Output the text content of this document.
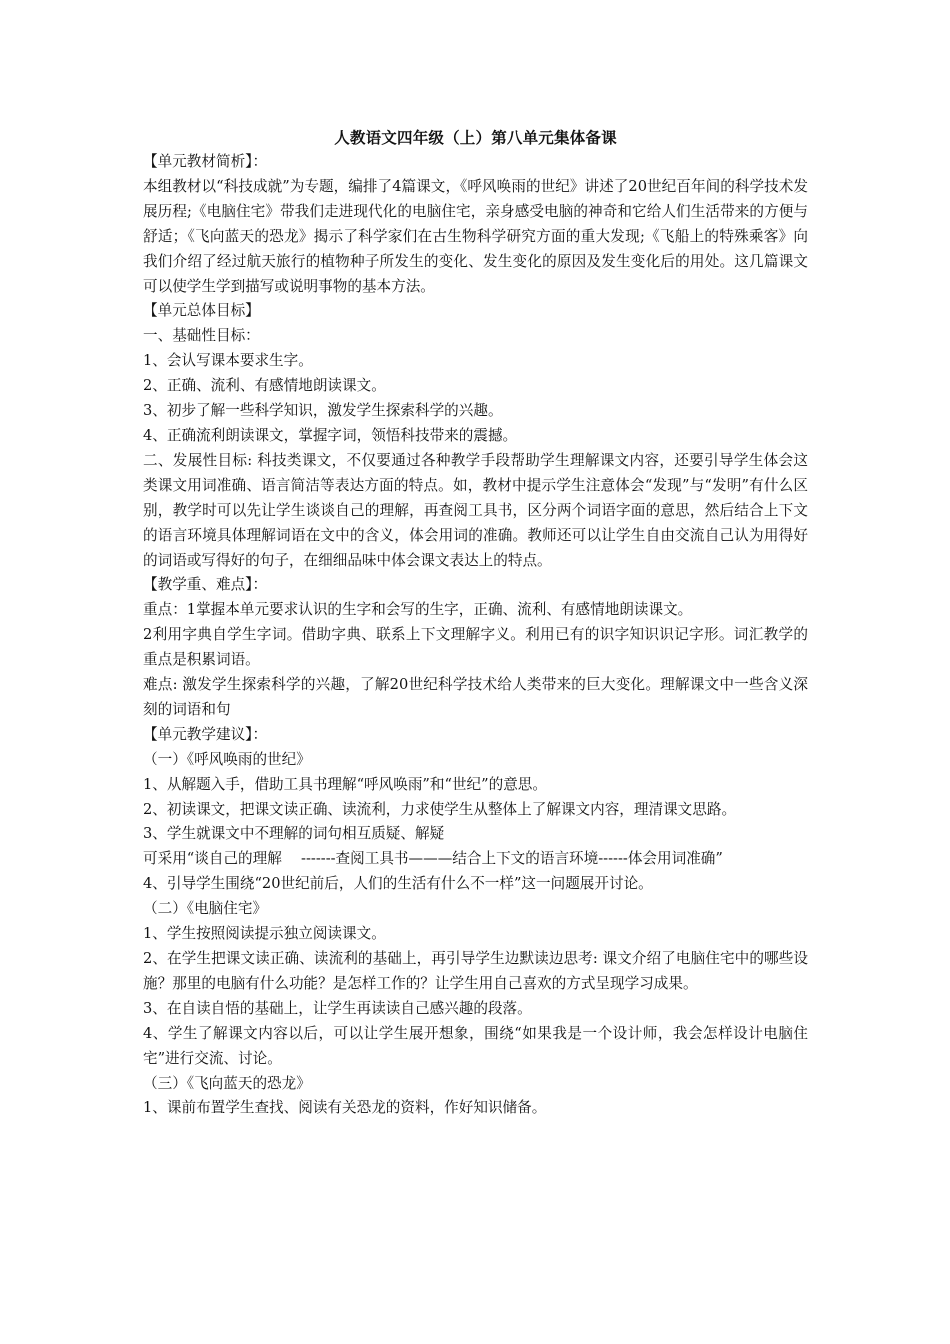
人教语文四年级（上）第八单元集体备课
【单元教材简析】：
本组教材以“科技成就”为专题，编排了4篇课文，《呼风唤雨的世纪》讲述了20世纪百年间的科学技术发展历程;《电脑住宅》带我们走进现代化的电脑住宅，亲身感受电脑的神奇和它给人们生活带来的方便与舒适；《飞向蓝天的恐龙》揭示了科学家们在古生物科学研究方面的重大发现;《飞船上的特殊乘客》向我们介绍了经过航天旅行的植物种子所发生的变化、发生变化的原因及发生变化后的用处。这几篇课文可以使学生学到描写或说明事物的基本方法。
【单元总体目标】
一、基础性目标：
1、会认写课本要求生字。
2、正确、流利、有感情地朗读课文。
3、初步了解一些科学知识，激发学生探索科学的兴趣。
4、正确流利朗读课文，掌握字词，领悟科技带来的震撼。
二、发展性目标: 科技类课文，不仅要通过各种教学手段帮助学生理解课文内容，还要引导学生体会这类课文用词准确、语言简洁等表达方面的特点。如，教材中提示学生注意体会“发现”与“发明”有什么区别，教学时可以先让学生谈谈自己的理解，再查阅工具书，区分两个词语字面的意思，然后结合上下文的语言环境具体理解词语在文中的含义，体会用词的准确。教师还可以让学生自由交流自己认为用得好的词语或写得好的句子，在细细品味中体会课文表达上的特点。
【教学重、难点】：
重点：1掌握本单元要求认识的生字和会写的生字，正确、流利、有感情地朗读课文。
2利用字典自学生字词。借助字典、联系上下文理解字义。利用已有的识字知识识记字形。词汇教学的重点是积累词语。
难点: 激发学生探索科学的兴趣，了解20世纪科学技术给人类带来的巨大变化。理解课文中一些含义深刻的词语和句
【单元教学建议】：
（一）《呼风唤雨的世纪》
1、从解题入手，借助工具书理解“呼风唤雨”和“世纪”的意思。
2、初读课文，把课文读正确、读流利，力求使学生从整体上了解课文内容，理清课文思路。
3、学生就课文中不理解的词句相互质疑、解疑
可采用“谈自己的理解　 -------查阅工具书———结合上下文的语言环境------体会用词准确”
4、引导学生围绕“20世纪前后，人们的生活有什么不一样”这一问题展开讨论。
（二）《电脑住宅》
1、学生按照阅读提示独立阅读课文。
2、在学生把课文读正确、读流利的基础上，再引导学生边默读边思考: 课文介绍了电脑住宅中的哪些设施？那里的电脑有什么功能？是怎样工作的？让学生用自己喜欢的方式呈现学习成果。
3、在自读自悟的基础上，让学生再读读自己感兴趣的段落。
4、学生了解课文内容以后，可以让学生展开想象，围绕“如果我是一个设计师，我会怎样设计电脑住宅”进行交流、讨论。
（三）《飞向蓝天的恐龙》
1、课前布置学生查找、阅读有关恐龙的资料，作好知识储备。
